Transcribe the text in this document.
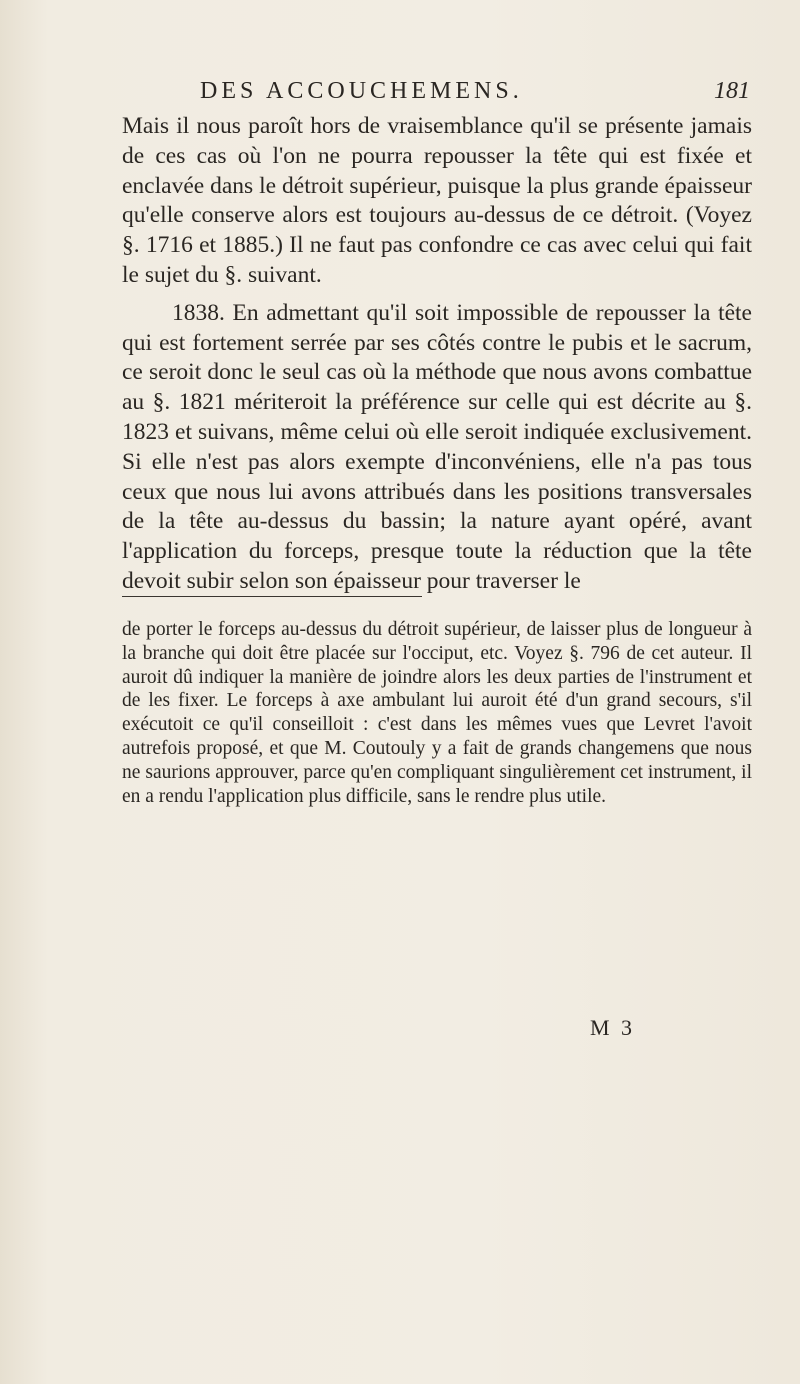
DES ACCOUCHEMENS.	181

Mais il nous paroît hors de vraisemblance qu'il se présente jamais de ces cas où l'on ne pourra repousser la tête qui est fixée et enclavée dans le détroit supérieur, puisque la plus grande épaisseur qu'elle conserve alors est toujours au-dessus de ce détroit. (Voyez §. 1716 et 1885.) Il ne faut pas confondre ce cas avec celui qui fait le sujet du §. suivant.

1838. En admettant qu'il soit impossible de repousser la tête qui est fortement serrée par ses côtés contre le pubis et le sacrum, ce seroit donc le seul cas où la méthode que nous avons combattue au §. 1821 mériteroit la préférence sur celle qui est décrite au §. 1823 et suivans, même celui où elle seroit indiquée exclusivement. Si elle n'est pas alors exempte d'inconvéniens, elle n'a pas tous ceux que nous lui avons attribués dans les positions transversales de la tête au-dessus du bassin; la nature ayant opéré, avant l'application du forceps, presque toute la réduction que la tête devoit subir selon son épaisseur pour traverser le

de porter le forceps au-dessus du détroit supérieur, de laisser plus de longueur à la branche qui doit être placée sur l'occiput, etc. Voyez §. 796 de cet auteur. Il auroit dû indiquer la manière de joindre alors les deux parties de l'instrument et de les fixer. Le forceps à axe ambulant lui auroit été d'un grand secours, s'il exécutoit ce qu'il conseilloit : c'est dans les mêmes vues que Levret l'avoit autrefois proposé, et que M. Coutouly y a fait de grands changemens que nous ne saurions approuver, parce qu'en compliquant singulièrement cet instrument, il en a rendu l'application plus difficile, sans le rendre plus utile.

M 3
